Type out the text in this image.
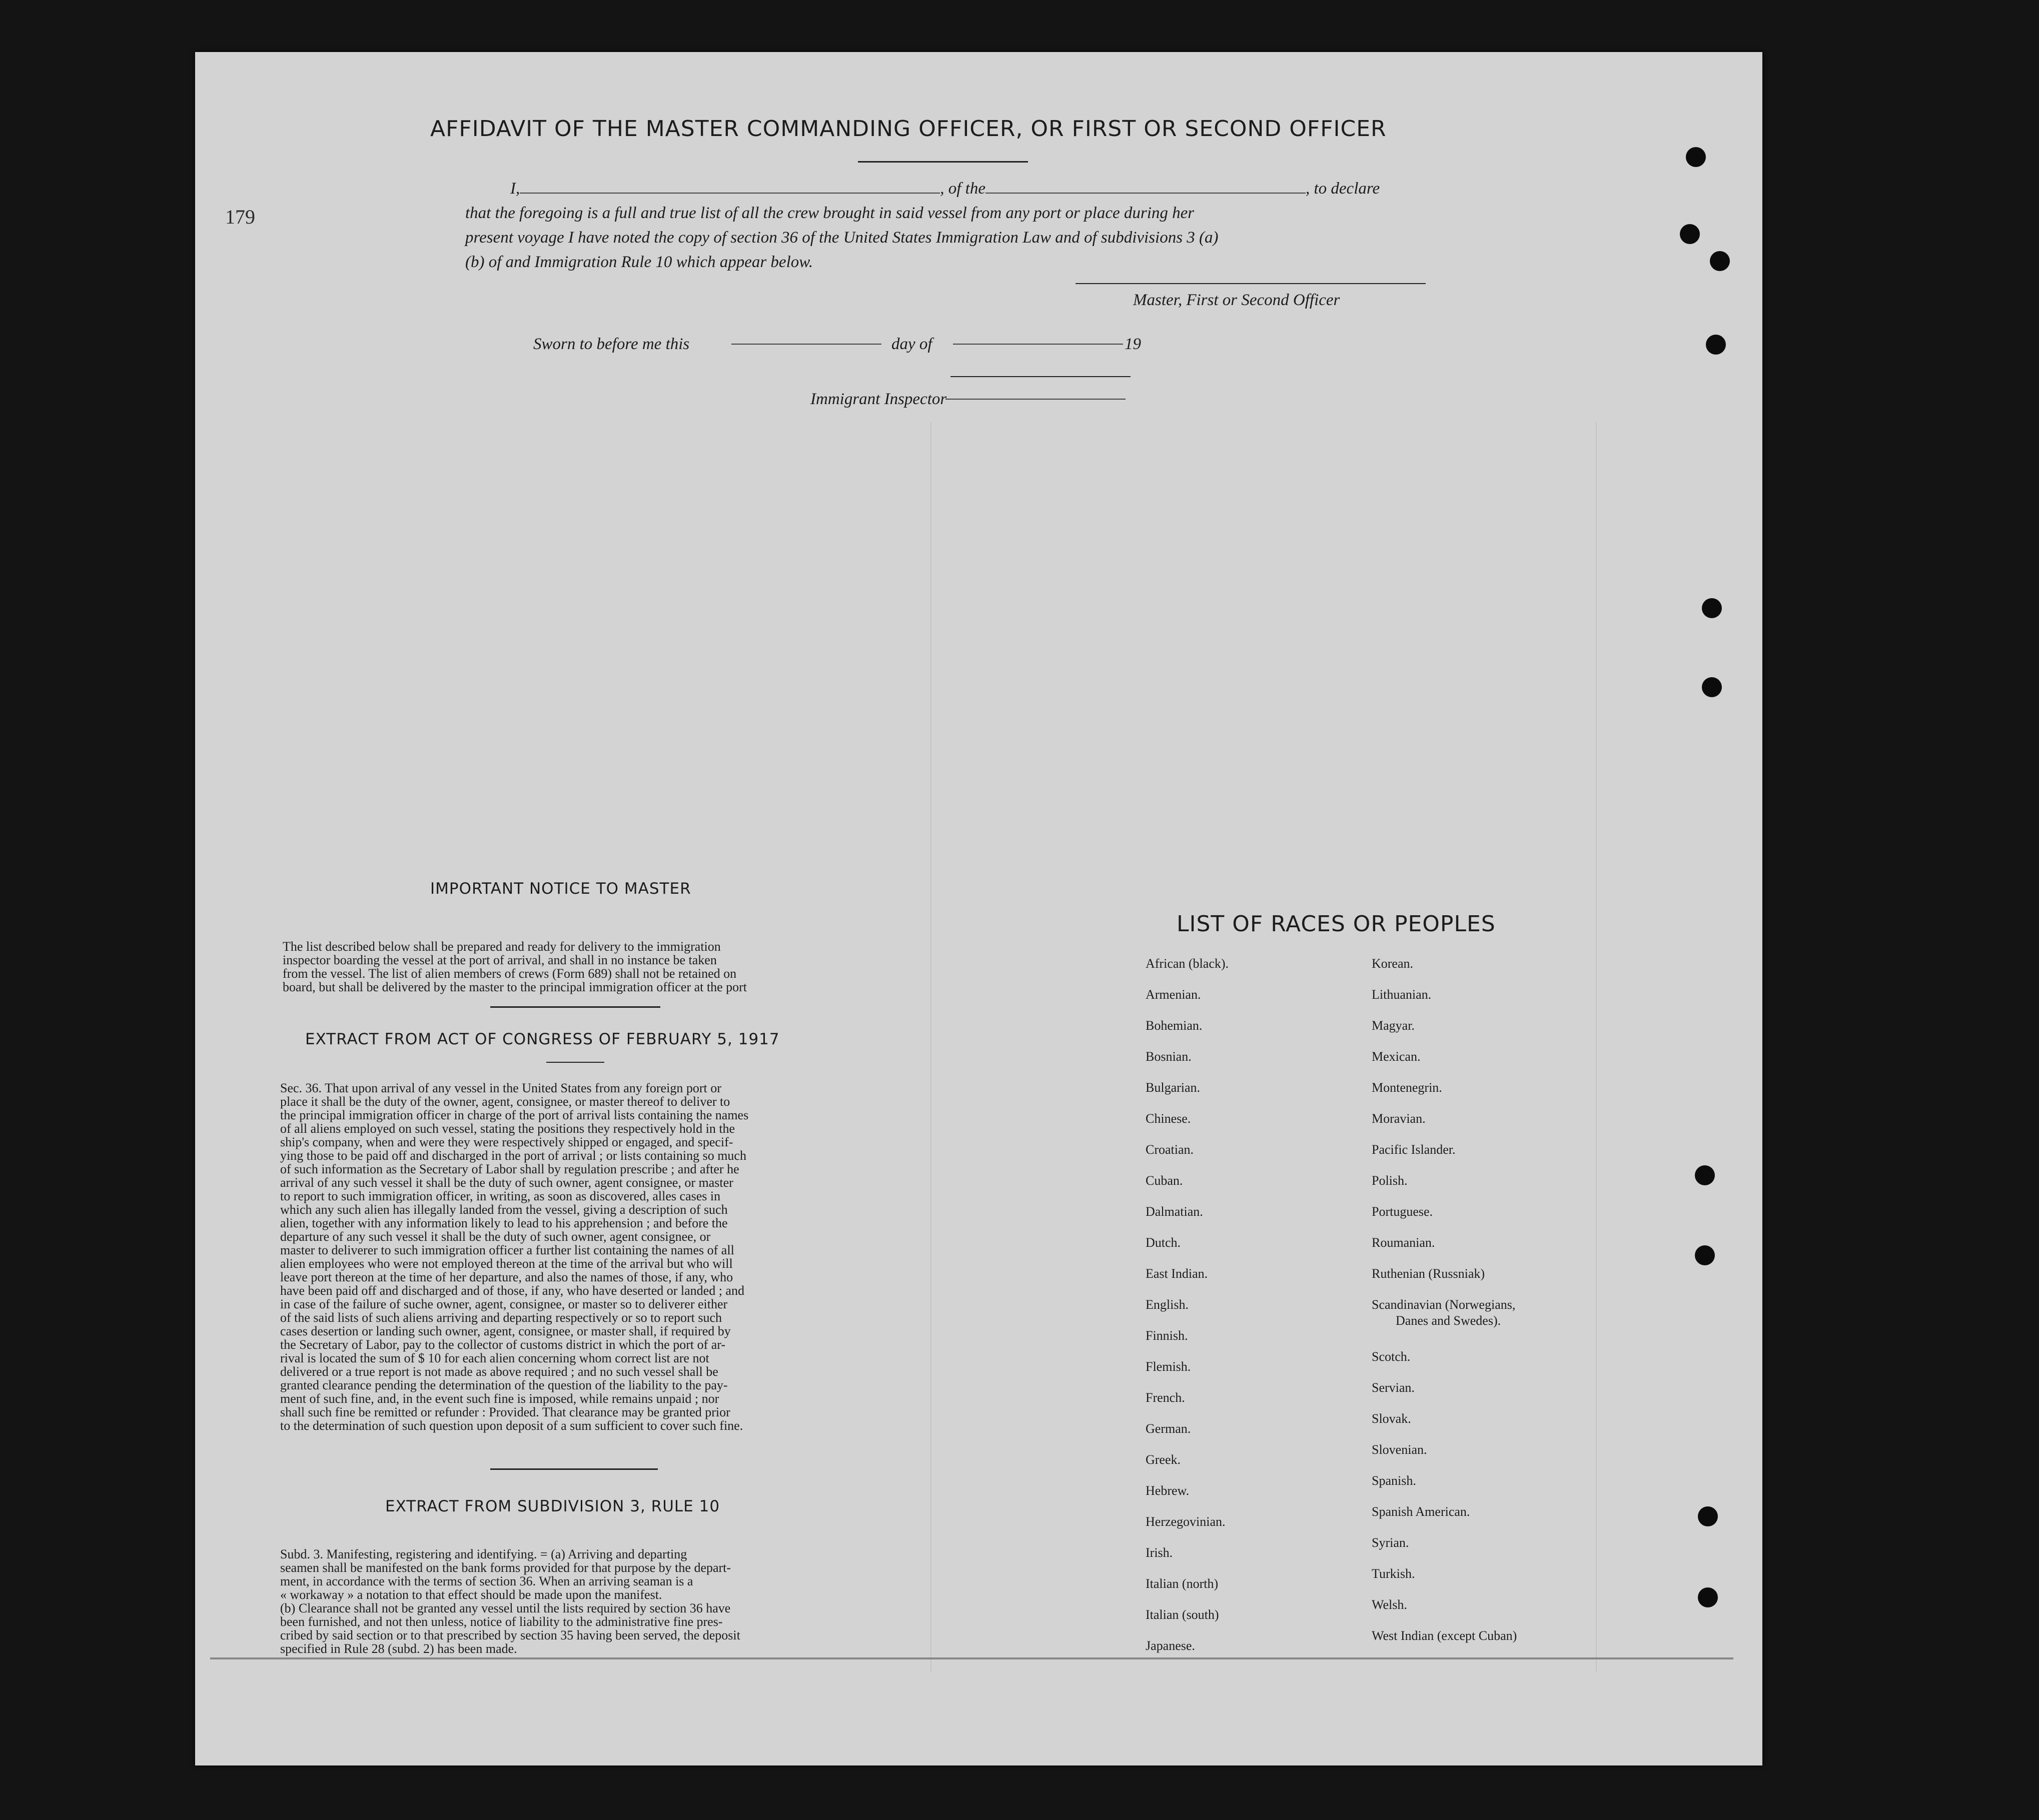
179
AFFIDAVIT OF THE MASTER COMMANDING OFFICER, OR FIRST OR SECOND OFFICER
I,	, of the	, to declare
that the foregoing is a full and true list of all the crew brought in said vessel from any port or place during her
present voyage I have noted the copy of section 36 of the United States Immigration Law and of subdivisions 3 (a)
(b) of and Immigration Rule 10 which appear below.
Master, First or Second Officer
Sworn to before me this	day of	19
Immigrant Inspector
IMPORTANT NOTICE TO MASTER
The list described below shall be prepared and ready for delivery to the immigration
inspector boarding the vessel at the port of arrival, and shall in no instance be taken
from the vessel. The list of alien members of crews (Form 689) shall not be retained on
board, but shall be delivered by the master to the principal immigration officer at the port
EXTRACT FROM ACT OF CONGRESS OF FEBRUARY 5, 1917
Sec. 36. That upon arrival of any vessel in the United States from any foreign port or
place it shall be the duty of the owner, agent, consignee, or master thereof to deliver to
the principal immigration officer in charge of the port of arrival lists containing the names
of all aliens employed on such vessel, stating the positions they respectively hold in the
ship's company, when and were they were respectively shipped or engaged, and specif-
ying those to be paid off and discharged in the port of arrival ; or lists containing so much
of such information as the Secretary of Labor shall by regulation prescribe ; and after he
arrival of any such vessel it shall be the duty of such owner, agent consignee, or master
to report to such immigration officer, in writing, as soon as discovered, alles cases in
which any such alien has illegally landed from the vessel, giving a description of such
alien, together with any information likely to lead to his apprehension ; and before the
departure of any such vessel it shall be the duty of such owner, agent consignee, or
master to deliverer to such immigration officer a further list containing the names of all
alien employees who were not employed thereon at the time of the arrival but who will
leave port thereon at the time of her departure, and also the names of those, if any, who
have been paid off and discharged and of those, if any, who have deserted or landed ; and
in case of the failure of suche owner, agent, consignee, or master so to deliverer either
of the said lists of such aliens arriving and departing respectively or so to report such
cases desertion or landing such owner, agent, consignee, or master shall, if required by
the Secretary of Labor, pay to the collector of customs district in which the port of ar-
rival is located the sum of $ 10 for each alien concerning whom correct list are not
delivered or a true report is not made as above required ; and no such vessel shall be
granted clearance pending the determination of the question of the liability to the pay-
ment of such fine, and, in the event such fine is imposed, while remains unpaid ; nor
shall such fine be remitted or refunder : Provided. That clearance may be granted prior
to the determination of such question upon deposit of a sum sufficient to cover such fine.
EXTRACT FROM SUBDIVISION 3, RULE 10
Subd. 3. Manifesting, registering and identifying. = (a) Arriving and departing
seamen shall be manifested on the bank forms provided for that purpose by the depart-
ment, in accordance with the terms of section 36. When an arriving seaman is a
« workaway » a notation to that effect should be made upon the manifest.
(b) Clearance shall not be granted any vessel until the lists required by section 36 have
been furnished, and not then unless, notice of liability to the administrative fine pres-
cribed by said section or to that prescribed by section 35 having been served, the deposit
specified in Rule 28 (subd. 2) has been made.
LIST OF RACES OR PEOPLES
African (black).
Armenian.
Bohemian.
Bosnian.
Bulgarian.
Chinese.
Croatian.
Cuban.
Dalmatian.
Dutch.
East Indian.
English.
Finnish.
Flemish.
French.
German.
Greek.
Hebrew.
Herzegovinian.
Irish.
Italian (north)
Italian (south)
Japanese.
Korean.
Lithuanian.
Magyar.
Mexican.
Montenegrin.
Moravian.
Pacific Islander.
Polish.
Portuguese.
Roumanian.
Ruthenian (Russniak)
Scandinavian (Norwegians,
Danes and Swedes).
Scotch.
Servian.
Slovak.
Slovenian.
Spanish.
Spanish American.
Syrian.
Turkish.
Welsh.
West Indian (except Cuban)
